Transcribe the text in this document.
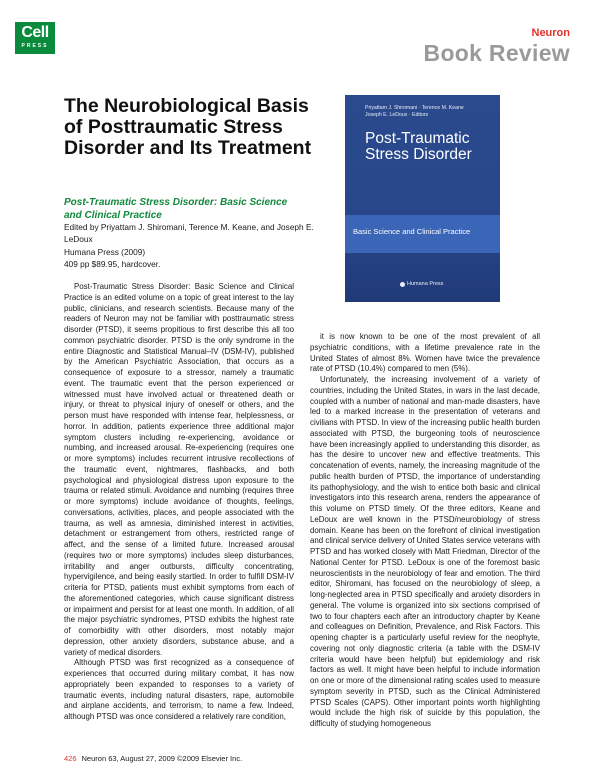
Cell
PRESS
Neuron
Book Review
The Neurobiological Basis of Posttraumatic Stress Disorder and Its Treatment
Priyattam J. Shiromani · Terence M. Keane
Joseph E. LeDoux · Editors
Post-Traumatic Stress Disorder
Basic Science and Clinical Practice
Humana Press
Post-Traumatic Stress Disorder: Basic Science and Clinical Practice
Edited by Priyattam J. Shiromani, Terence M. Keane, and Joseph E. LeDoux
Humana Press (2009)
409 pp $89.95, hardcover.

Post-Traumatic Stress Disorder: Basic Science and Clinical Practice is an edited volume on a topic of great interest to the lay public, clinicians, and research scientists. Because many of the readers of Neuron may not be familiar with posttraumatic stress disorder (PTSD), it seems propitious to first describe this all too common psychiatric disorder. PTSD is the only syndrome in the entire Diagnostic and Statistical Manual–IV (DSM-IV), published by the American Psychiatric Association, that occurs as a consequence of exposure to a stressor, namely a traumatic event. The traumatic event that the person experienced or witnessed must have involved actual or threatened death or injury, or threat to physical injury of oneself or others, and the person must have responded with intense fear, helplessness, or horror. In addition, patients experience three additional major symptom clusters including re-experiencing, avoidance or numbing, and increased arousal. Re-experiencing (requires one or more symptoms) includes recurrent intrusive recollections of the traumatic event, nightmares, flashbacks, and both psychological and physiological distress upon exposure to the trauma or related stimuli. Avoidance and numbing (requires three or more symptoms) include avoidance of thoughts, feelings, conversations, activities, places, and people associated with the trauma, as well as amnesia, diminished interest in activities, detachment or estrangement from others, restricted range of affect, and the sense of a limited future. Increased arousal (requires two or more symptoms) includes sleep disturbances, irritability and anger outbursts, difficulty concentrating, hypervigilence, and being easily startled. In order to fulfill DSM-IV criteria for PTSD, patients must exhibit symptoms from each of the aforementioned categories, which cause significant distress or impairment and persist for at least one month. In addition, of all the major psychiatric syndromes, PTSD exhibits the highest rate of comorbidity with other disorders, most notably major depression, other anxiety disorders, substance abuse, and a variety of medical disorders.

Although PTSD was first recognized as a consequence of experiences that occurred during military combat, it has now appropriately been expanded to responses to a variety of traumatic events, including natural disasters, rape, automobile and airplane accidents, and terrorism, to name a few. Indeed, although PTSD was once considered a relatively rare condition,

it is now known to be one of the most prevalent of all psychiatric conditions, with a lifetime prevalence rate in the United States of almost 8%. Women have twice the prevalence rate of PTSD (10.4%) compared to men (5%).

Unfortunately, the increasing involvement of a variety of countries, including the United States, in wars in the last decade, coupled with a number of national and man-made disasters, have led to a marked increase in the presentation of veterans and civilians with PTSD. In view of the increasing public health burden associated with PTSD, the burgeoning tools of neuroscience have been increasingly applied to understanding this disorder, as has the desire to uncover new and effective treatments. This concatenation of events, namely, the increasing magnitude of the public health burden of PTSD, the importance of understanding its pathophysiology, and the wish to entice both basic and clinical investigators into this research arena, renders the appearance of this volume on PTSD timely. Of the three editors, Keane and LeDoux are well known in the PTSD/neurobiology of stress domain. Keane has been on the forefront of clinical investigation and clinical service delivery of United States service veterans with PTSD and has worked closely with Matt Friedman, Director of the National Center for PTSD. LeDoux is one of the foremost basic neuroscientists in the neurobiology of fear and emotion. The third editor, Shiromani, has focused on the neurobiology of sleep, a long-neglected area in PTSD specifically and anxiety disorders in general. The volume is organized into six sections comprised of two to four chapters each after an introductory chapter by Keane and colleagues on Definition, Prevalence, and Risk Factors. This opening chapter is a particularly useful review for the neophyte, covering not only diagnostic criteria (a table with the DSM-IV criteria would have been helpful) but epidemiology and risk factors as well. It might have been helpful to include information on one or more of the dimensional rating scales used to measure symptom severity in PTSD, such as the Clinical Administered PTSD Scales (CAPS). Other important points worth highlighting would include the high risk of suicide by this population, the difficulty of studying homogeneous

426 Neuron 63, August 27, 2009 ©2009 Elsevier Inc.
